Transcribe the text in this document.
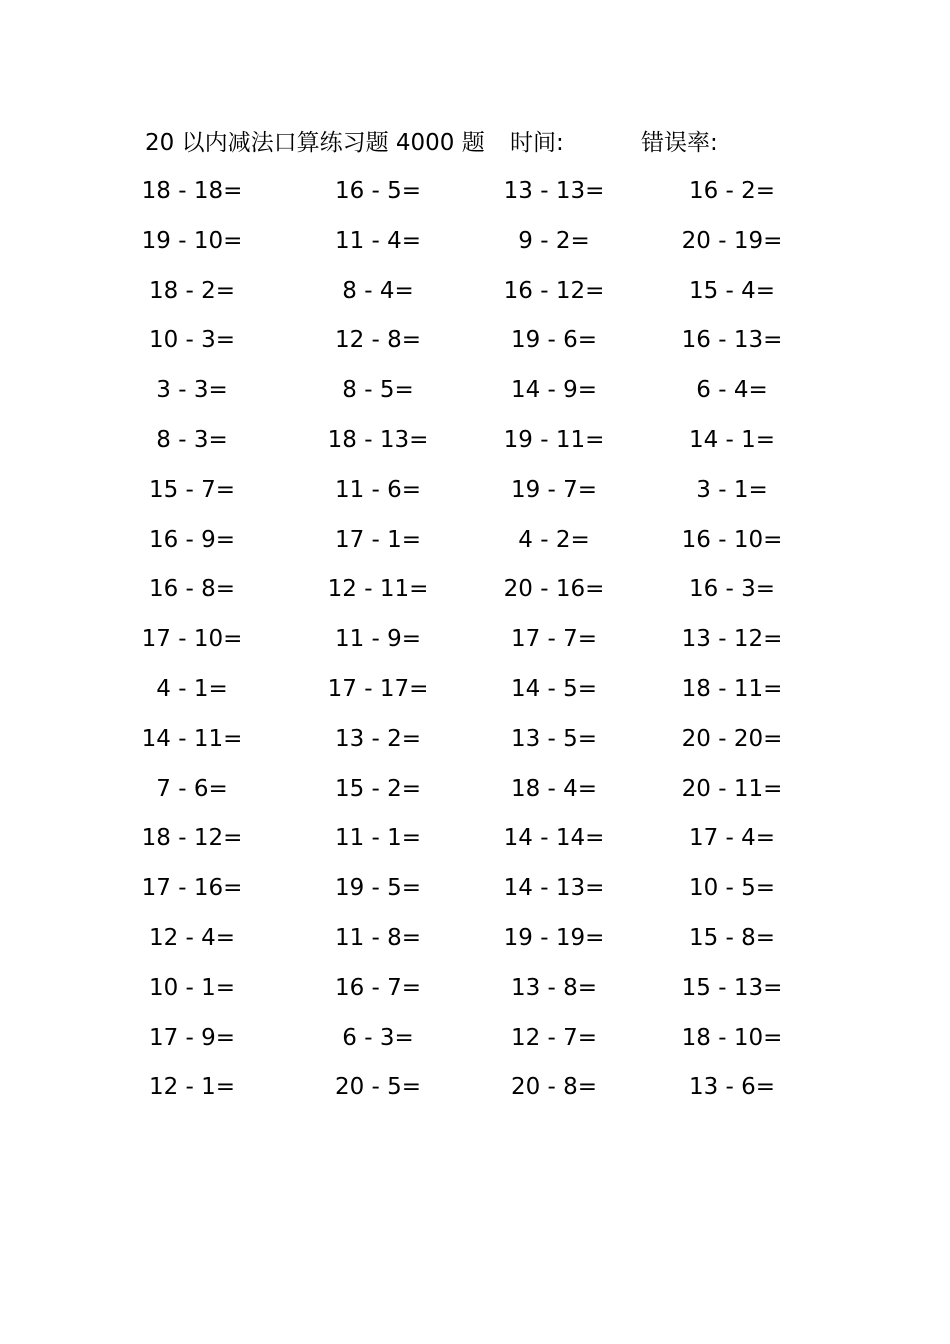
20 以内减法口算练习题 4000 题 时间:	错误率:
18 - 18=	16 - 5=	13 - 13=	16 - 2=
19 - 10=	11 - 4=	9 - 2=	20 - 19=
18 - 2=	8 - 4=	16 - 12=	15 - 4=
10 - 3=	12 - 8=	19 - 6=	16 - 13=
3 - 3=	8 - 5=	14 - 9=	6 - 4=
8 - 3=	18 - 13=	19 - 11=	14 - 1=
15 - 7=	11 - 6=	19 - 7=	3 - 1=
16 - 9=	17 - 1=	4 - 2=	16 - 10=
16 - 8=	12 - 11=	20 - 16=	16 - 3=
17 - 10=	11 - 9=	17 - 7=	13 - 12=
4 - 1=	17 - 17=	14 - 5=	18 - 11=
14 - 11=	13 - 2=	13 - 5=	20 - 20=
7 - 6=	15 - 2=	18 - 4=	20 - 11=
18 - 12=	11 - 1=	14 - 14=	17 - 4=
17 - 16=	19 - 5=	14 - 13=	10 - 5=
12 - 4=	11 - 8=	19 - 19=	15 - 8=
10 - 1=	16 - 7=	13 - 8=	15 - 13=
17 - 9=	6 - 3=	12 - 7=	18 - 10=
12 - 1=	20 - 5=	20 - 8=	13 - 6=
